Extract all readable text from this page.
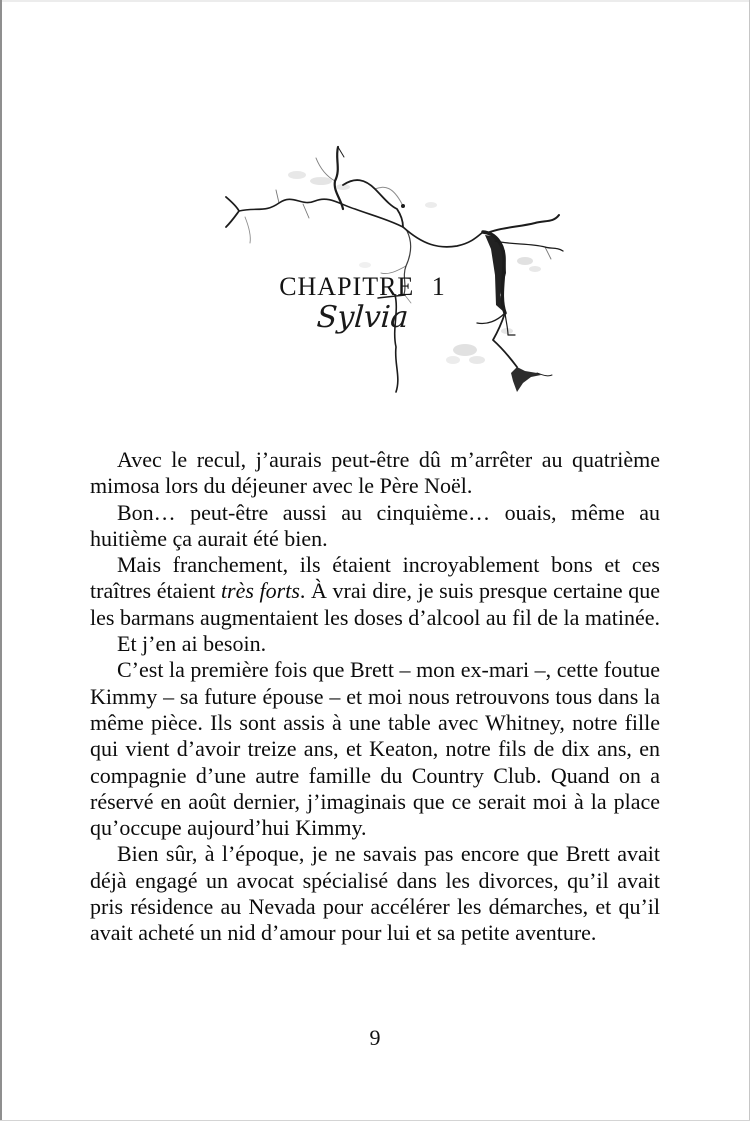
CHAPITRE 1
Sylvia

Avec le recul, j’aurais peut-être dû m’arrêter au quatrième mimosa lors du déjeuner avec le Père Noël.

Bon… peut-être aussi au cinquième… ouais, même au huitième ça aurait été bien.

Mais franchement, ils étaient incroyablement bons et ces traîtres étaient très forts. À vrai dire, je suis presque certaine que les barmans augmentaient les doses d’alcool au fil de la matinée.

Et j’en ai besoin.

C’est la première fois que Brett – mon ex-mari –, cette foutue Kimmy – sa future épouse – et moi nous retrouvons tous dans la même pièce. Ils sont assis à une table avec Whitney, notre fille qui vient d’avoir treize ans, et Keaton, notre fils de dix ans, en compagnie d’une autre famille du Country Club. Quand on a réservé en août dernier, j’imaginais que ce serait moi à la place qu’occupe aujourd’hui Kimmy.

Bien sûr, à l’époque, je ne savais pas encore que Brett avait déjà engagé un avocat spécialisé dans les divorces, qu’il avait pris résidence au Nevada pour accélérer les démarches, et qu’il avait acheté un nid d’amour pour lui et sa petite aventure.

9
